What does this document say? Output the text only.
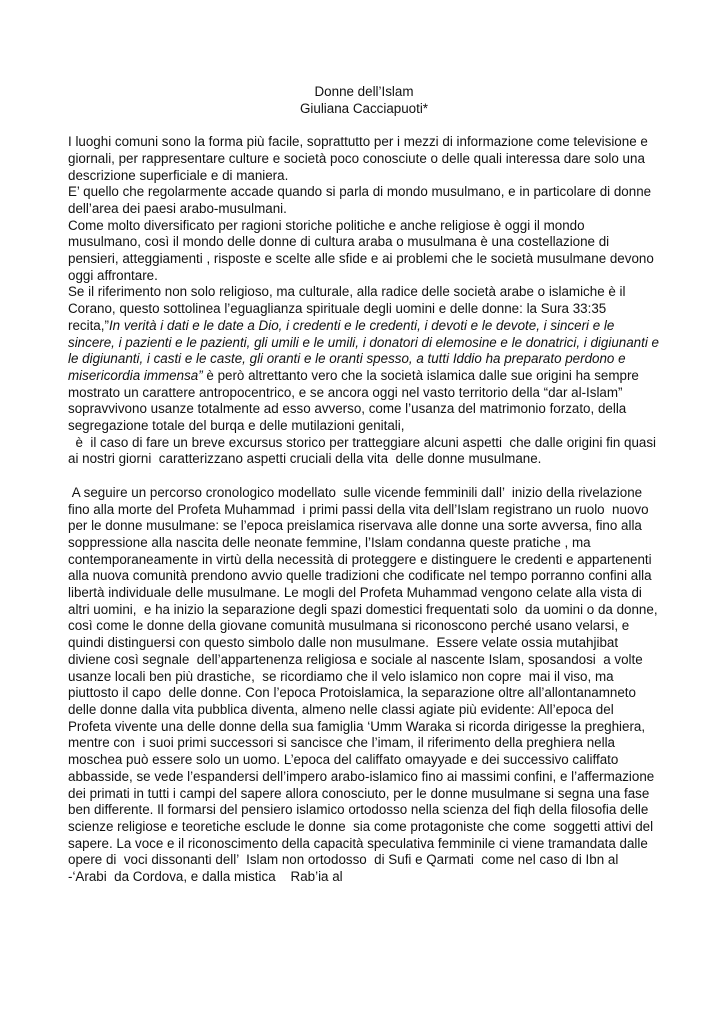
Donne dell’Islam
Giuliana Cacciapuoti*

I luoghi comuni sono la forma più facile, soprattutto per i mezzi di informazione come televisione e giornali, per rappresentare culture e società poco conosciute o delle quali interessa dare solo una descrizione superficiale e di maniera.

E’ quello che regolarmente accade quando si parla di mondo musulmano, e in particolare di donne dell’area dei paesi arabo-musulmani.

Come molto diversificato per ragioni storiche politiche e anche religiose è oggi il mondo musulmano, così il mondo delle donne di cultura araba o musulmana è una costellazione di pensieri, atteggiamenti , risposte e scelte alle sfide e ai problemi che le società musulmane devono oggi affrontare.

Se il riferimento non solo religioso, ma culturale, alla radice delle società arabe o islamiche è il Corano, questo sottolinea l’eguaglianza spirituale degli uomini e delle donne: la Sura 33:35 recita,”In verità i dati e le date a Dio, i credenti e le credenti, i devoti e le devote, i sinceri e le sincere, i pazienti e le pazienti, gli umili e le umili, i donatori di elemosine e le donatrici, i digiunanti e le digiunanti, i casti e le caste, gli oranti e le oranti spesso, a tutti Iddio ha preparato perdono e misericordia immensa” è però altrettanto vero che la società islamica dalle sue origini ha sempre mostrato un carattere antropocentrico, e se ancora oggi nel vasto territorio della “dar al-Islam” sopravvivono usanze totalmente ad esso avverso, come l’usanza del matrimonio forzato, della segregazione totale del burqa e delle mutilazioni genitali,

è  il caso di fare un breve excursus storico per tratteggiare alcuni aspetti  che dalle origini fin quasi ai nostri giorni  caratterizzano aspetti cruciali della vita  delle donne musulmane.

A seguire un percorso cronologico modellato  sulle vicende femminili dall’  inizio della rivelazione  fino alla morte del Profeta Muhammad  i primi passi della vita dell’Islam registrano un ruolo  nuovo per le donne musulmane: se l’epoca preislamica riservava alle donne una sorte avversa, fino alla soppressione alla nascita delle neonate femmine, l’Islam condanna queste pratiche , ma contemporaneamente in virtù della necessità di proteggere e distinguere le credenti e appartenenti alla nuova comunità prendono avvio quelle tradizioni che codificate nel tempo porranno confini alla libertà individuale delle musulmane. Le mogli del Profeta Muhammad vengono celate alla vista di altri uomini,  e ha inizio la separazione degli spazi domestici frequentati solo  da uomini o da donne, così come le donne della giovane comunità musulmana si riconoscono perché usano velarsi, e quindi distinguersi con questo simbolo dalle non musulmane.  Essere velate ossia mutahjibat diviene così segnale  dell’appartenenza religiosa e sociale al nascente Islam, sposandosi  a volte usanze locali ben più drastiche,  se ricordiamo che il velo islamico non copre  mai il viso, ma piuttosto il capo  delle donne. Con l’epoca Protoislamica, la separazione oltre all’allontanamneto delle donne dalla vita pubblica diventa, almeno nelle classi agiate più evidente: All’epoca del Profeta vivente una delle donne della sua famiglia ‘Umm Waraka si ricorda dirigesse la preghiera, mentre con  i suoi primi successori si sancisce che l’imam, il riferimento della preghiera nella moschea può essere solo un uomo. L’epoca del califfato omayyade e dei successivo califfato abbasside, se vede l’espandersi dell’impero arabo-islamico fino ai massimi confini, e l’affermazione dei primati in tutti i campi del sapere allora conosciuto, per le donne musulmane si segna una fase ben differente. Il formarsi del pensiero islamico ortodosso nella scienza del fiqh della filosofia delle scienze religiose e teoretiche esclude le donne  sia come protagoniste che come  soggetti attivi del sapere. La voce e il riconoscimento della capacità speculativa femminile ci viene tramandata dalle opere di  voci dissonanti dell’  Islam non ortodosso  di Sufi e Qarmati  come nel caso di Ibn al -‘Arabi  da Cordova, e dalla mistica    Rab’ia al
